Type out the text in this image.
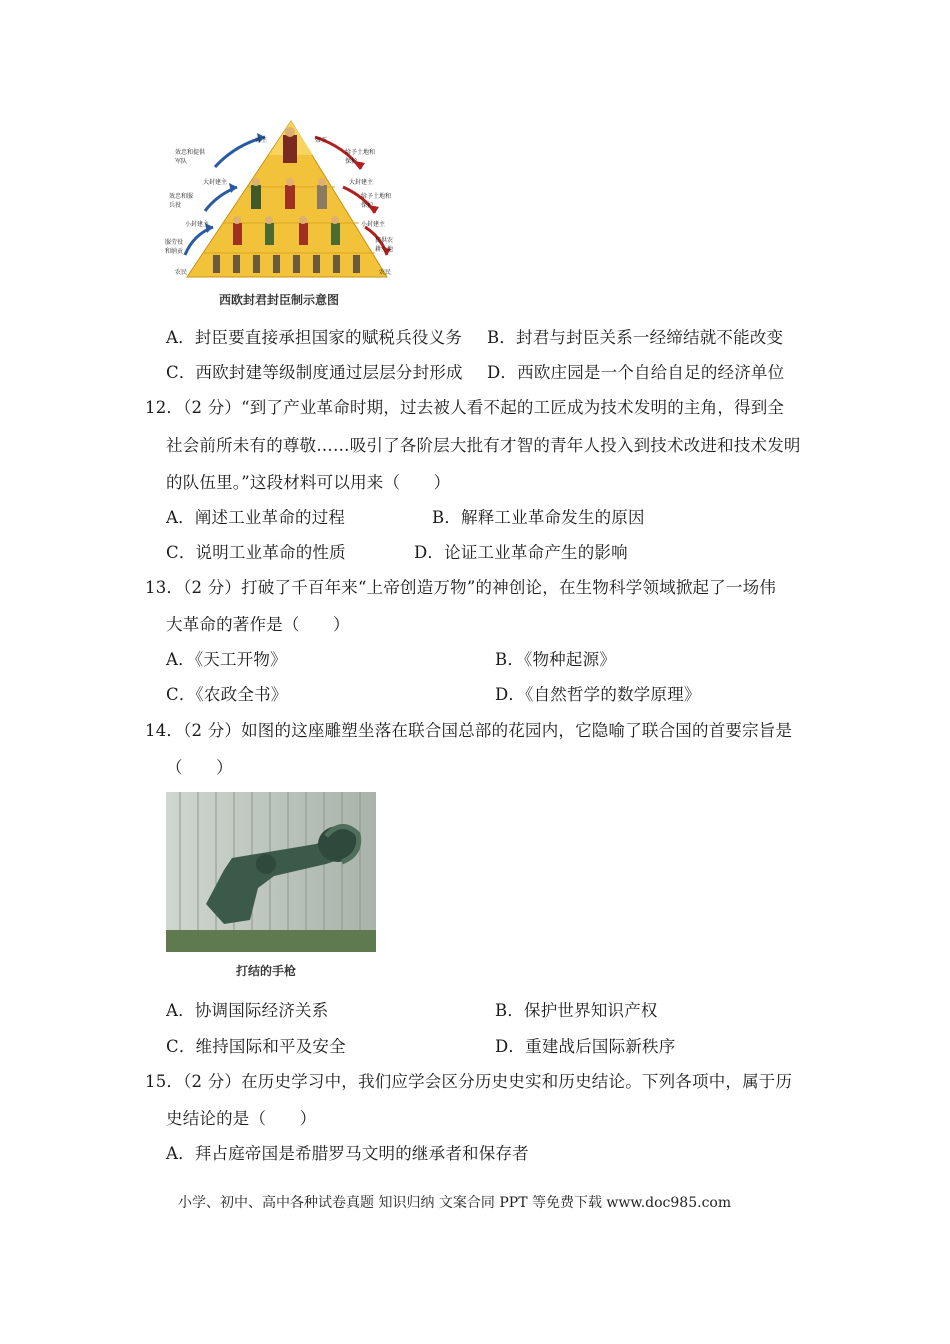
帝王	帝王
效忠和提供军队
给予土地和保护
大封建主	大封建主
效忠和服兵役
给予土地和保护
小封建主	小封建主
服劳役和纳贡
提供农耕土地
农民	农民
西欧封君封臣制示意图
A．封臣要直接承担国家的赋税兵役义务 B．封君与封臣关系一经缔结就不能改变
C．西欧封建等级制度通过层层分封形成 D．西欧庄园是一个自给自足的经济单位
12．（2 分）“到了产业革命时期，过去被人看不起的工匠成为技术发明的主角，得到全
社会前所未有的尊敬……吸引了各阶层大批有才智的青年人投入到技术改进和技术发明
的队伍里。”这段材料可以用来（　　）
A．阐述工业革命的过程	B．解释工业革命发生的原因
C．说明工业革命的性质	D．论证工业革命产生的影响
13．（2 分）打破了千百年来“上帝创造万物”的神创论，在生物科学领域掀起了一场伟
大革命的著作是（　　）
A．《天工开物》	B．《物种起源》
C．《农政全书》	D．《自然哲学的数学原理》
14．（2 分）如图的这座雕塑坐落在联合国总部的花园内，它隐喻了联合国的首要宗旨是
（　　）
打结的手枪
A．协调国际经济关系	B．保护世界知识产权
C．维持国际和平及安全	D．重建战后国际新秩序
15．（2 分）在历史学习中，我们应学会区分历史史实和历史结论。下列各项中，属于历
史结论的是（　　）
A．拜占庭帝国是希腊罗马文明的继承者和保存者
小学、初中、高中各种试卷真题 知识归纳 文案合同 PPT 等免费下载 www.doc985.com
